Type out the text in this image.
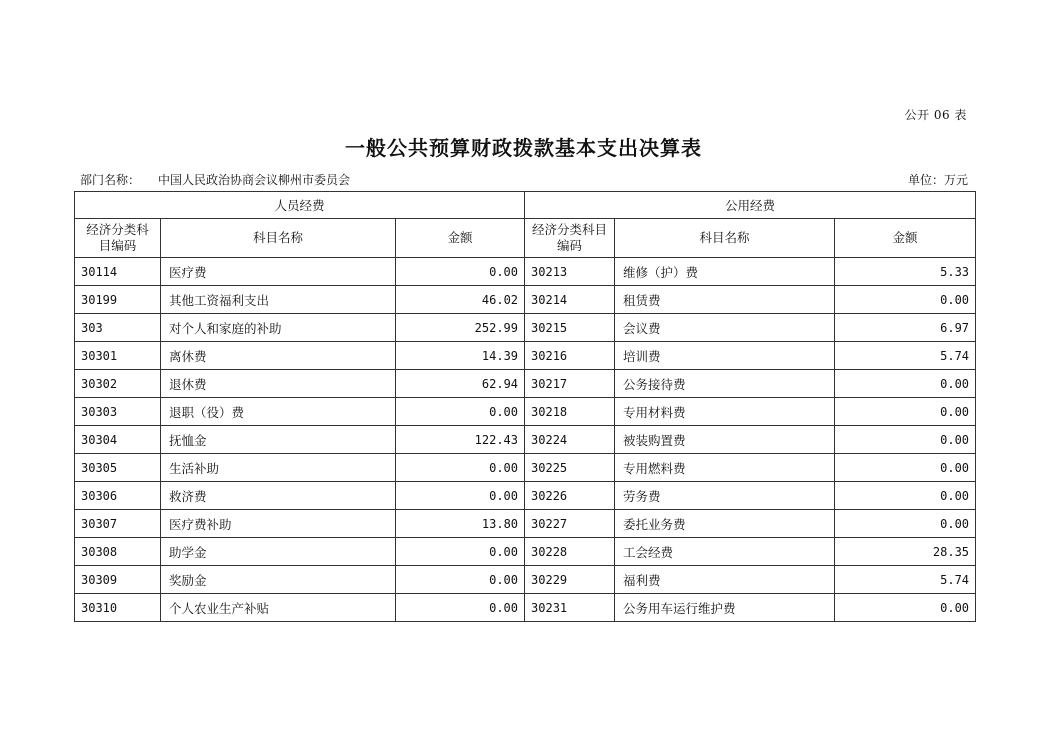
公开 06 表
一般公共预算财政拨款基本支出决算表
部门名称： 中国人民政治协商会议柳州市委员会	单位：万元
人员经费			公用经费		
经济分类科目编码	科目名称	金额	经济分类科目编码	科目名称	金额
30114	医疗费	0.00	30213	维修（护）费	5.33
30199	其他工资福利支出	46.02	30214	租赁费	0.00
303	对个人和家庭的补助	252.99	30215	会议费	6.97
30301	离休费	14.39	30216	培训费	5.74
30302	退休费	62.94	30217	公务接待费	0.00
30303	退职（役）费	0.00	30218	专用材料费	0.00
30304	抚恤金	122.43	30224	被装购置费	0.00
30305	生活补助	0.00	30225	专用燃料费	0.00
30306	救济费	0.00	30226	劳务费	0.00
30307	医疗费补助	13.80	30227	委托业务费	0.00
30308	助学金	0.00	30228	工会经费	28.35
30309	奖励金	0.00	30229	福利费	5.74
30310	个人农业生产补贴	0.00	30231	公务用车运行维护费	0.00
